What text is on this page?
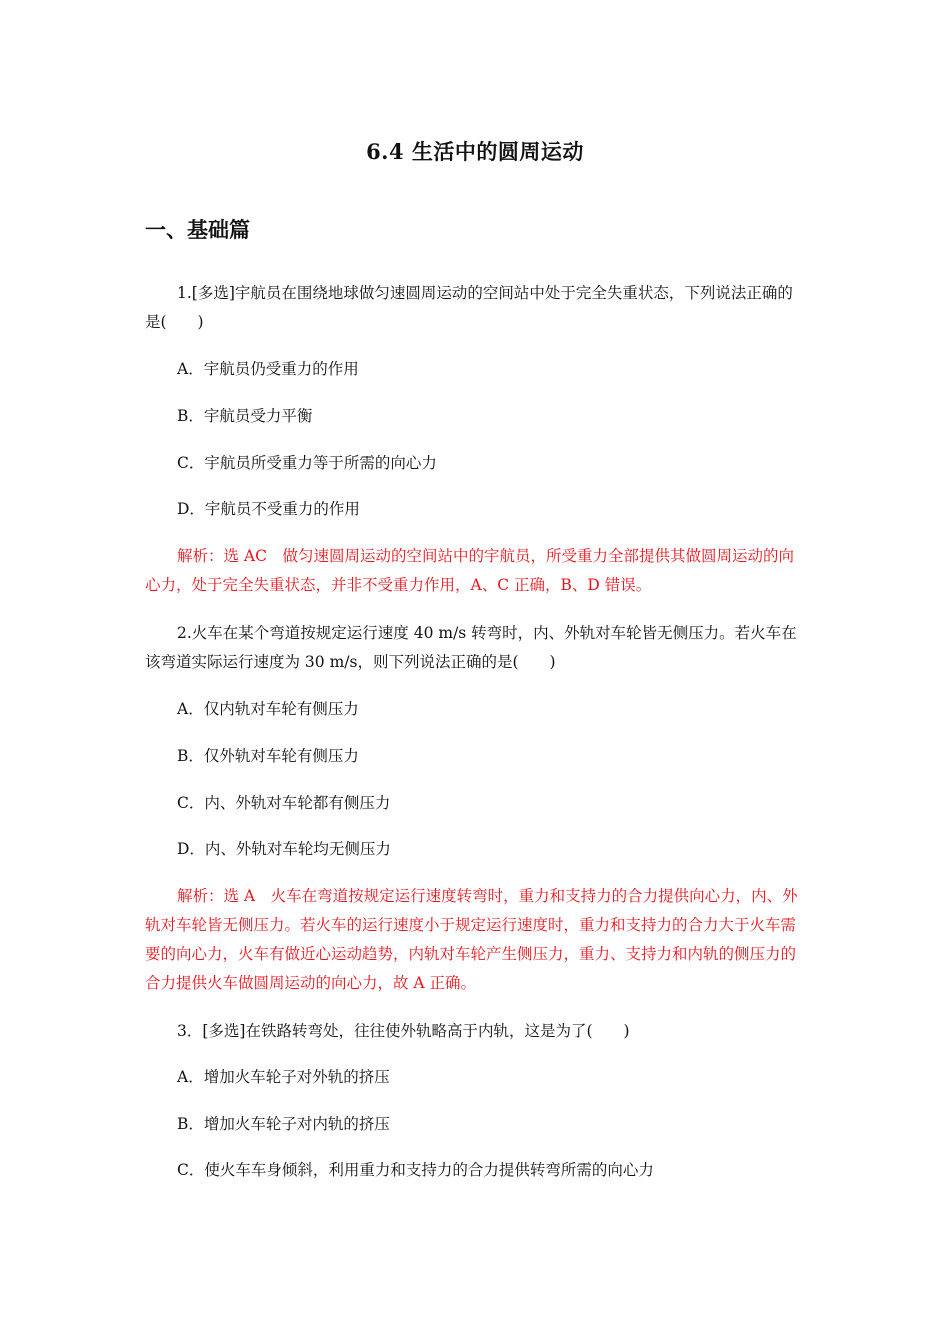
6.4 生活中的圆周运动
一、基础篇
1.[多选]宇航员在围绕地球做匀速圆周运动的空间站中处于完全失重状态，下列说法正确的是(　　)
A．宇航员仍受重力的作用
B．宇航员受力平衡
C．宇航员所受重力等于所需的向心力
D．宇航员不受重力的作用
解析：选 AC　做匀速圆周运动的空间站中的宇航员，所受重力全部提供其做圆周运动的向心力，处于完全失重状态，并非不受重力作用，A、C 正确，B、D 错误。
2.火车在某个弯道按规定运行速度 40 m/s 转弯时，内、外轨对车轮皆无侧压力。若火车在该弯道实际运行速度为 30 m/s，则下列说法正确的是(　　)
A．仅内轨对车轮有侧压力
B．仅外轨对车轮有侧压力
C．内、外轨对车轮都有侧压力
D．内、外轨对车轮均无侧压力
解析：选 A　火车在弯道按规定运行速度转弯时，重力和支持力的合力提供向心力，内、外轨对车轮皆无侧压力。若火车的运行速度小于规定运行速度时，重力和支持力的合力大于火车需要的向心力，火车有做近心运动趋势，内轨对车轮产生侧压力，重力、支持力和内轨的侧压力的合力提供火车做圆周运动的向心力，故 A 正确。
3．[多选]在铁路转弯处，往往使外轨略高于内轨，这是为了(　　)
A．增加火车轮子对外轨的挤压
B．增加火车轮子对内轨的挤压
C．使火车车身倾斜，利用重力和支持力的合力提供转弯所需的向心力
